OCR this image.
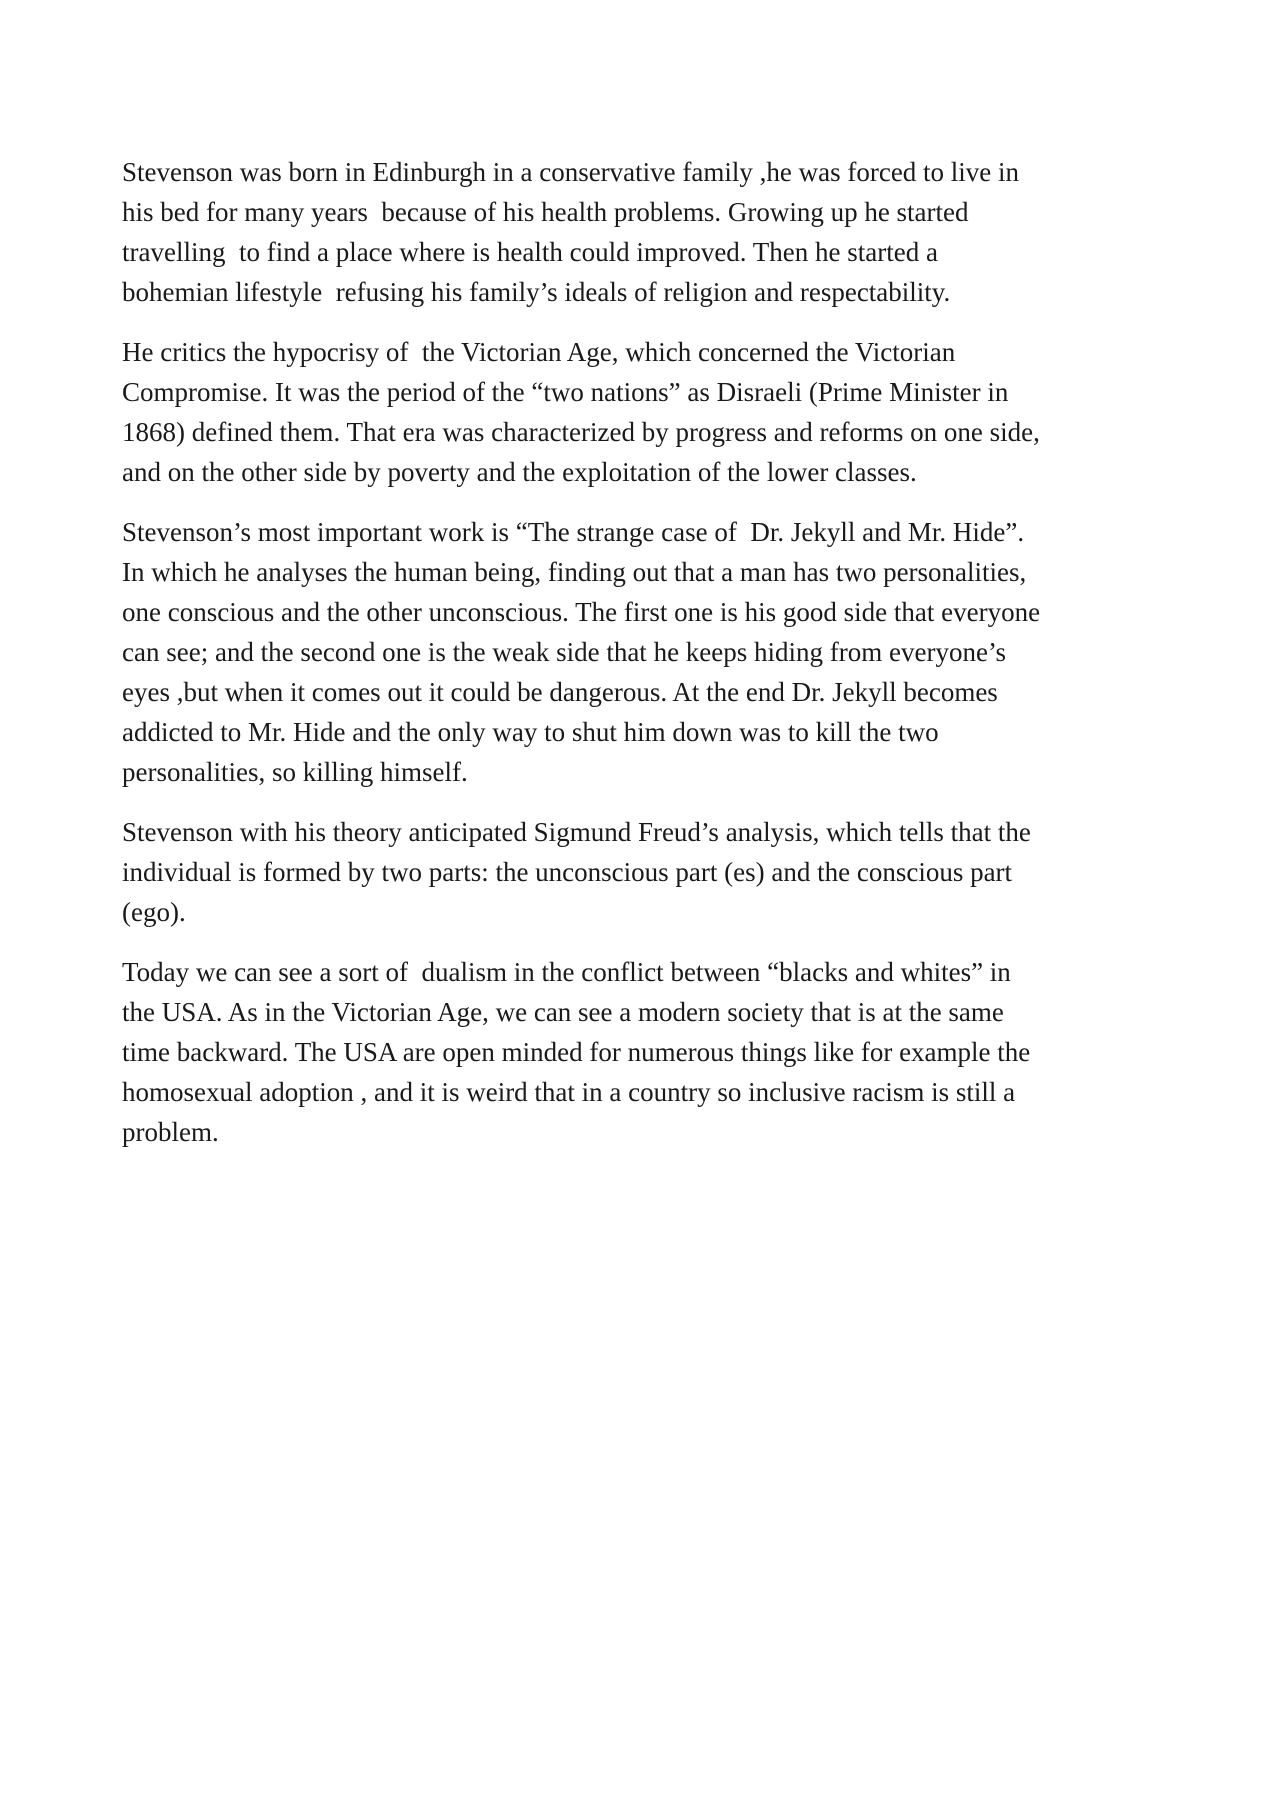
Stevenson was born in Edinburgh in a conservative family ,he was forced to live in
his bed for many years  because of his health problems. Growing up he started
travelling  to find a place where is health could improved. Then he started a
bohemian lifestyle  refusing his family’s ideals of religion and respectability.

He critics the hypocrisy of  the Victorian Age, which concerned the Victorian
Compromise. It was the period of the “two nations” as Disraeli (Prime Minister in
1868) defined them. That era was characterized by progress and reforms on one side,
and on the other side by poverty and the exploitation of the lower classes.

Stevenson’s most important work is “The strange case of  Dr. Jekyll and Mr. Hide”.
In which he analyses the human being, finding out that a man has two personalities,
one conscious and the other unconscious. The first one is his good side that everyone
can see; and the second one is the weak side that he keeps hiding from everyone’s
eyes ,but when it comes out it could be dangerous. At the end Dr. Jekyll becomes
addicted to Mr. Hide and the only way to shut him down was to kill the two
personalities, so killing himself.

Stevenson with his theory anticipated Sigmund Freud’s analysis, which tells that the
individual is formed by two parts: the unconscious part (es) and the conscious part
(ego).

Today we can see a sort of  dualism in the conflict between “blacks and whites” in
the USA. As in the Victorian Age, we can see a modern society that is at the same
time backward. The USA are open minded for numerous things like for example the
homosexual adoption , and it is weird that in a country so inclusive racism is still a
problem.
